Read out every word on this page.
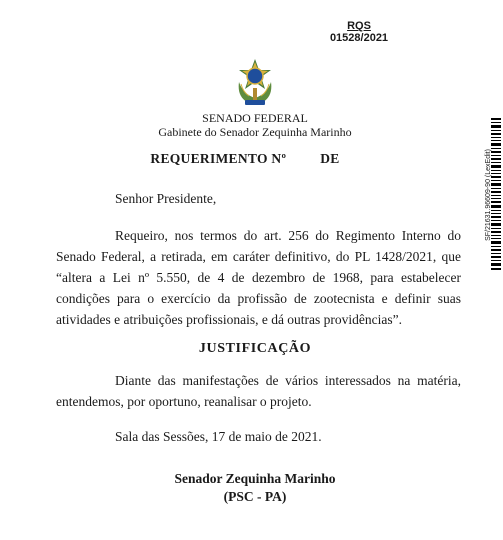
RQS
01528/2021
SENADO FEDERAL
Gabinete do Senador Zequinha Marinho
SF/21631.96609-90 (LexEdit)
REQUERIMENTO Nº	DE
Senhor Presidente,
Requeiro, nos termos do art. 256 do Regimento Interno do Senado Federal, a retirada, em caráter definitivo, do PL 1428/2021, que “altera a Lei nº 5.550, de 4 de dezembro de 1968, para estabelecer condições para o exercício da profissão de zootecnista e definir suas atividades e atribuições profissionais, e dá outras providências”.
JUSTIFICAÇÃO
Diante das manifestações de vários interessados na matéria, entendemos, por oportuno, reanalisar o projeto.
Sala das Sessões, 17 de maio de 2021.
Senador Zequinha Marinho
(PSC - PA)
